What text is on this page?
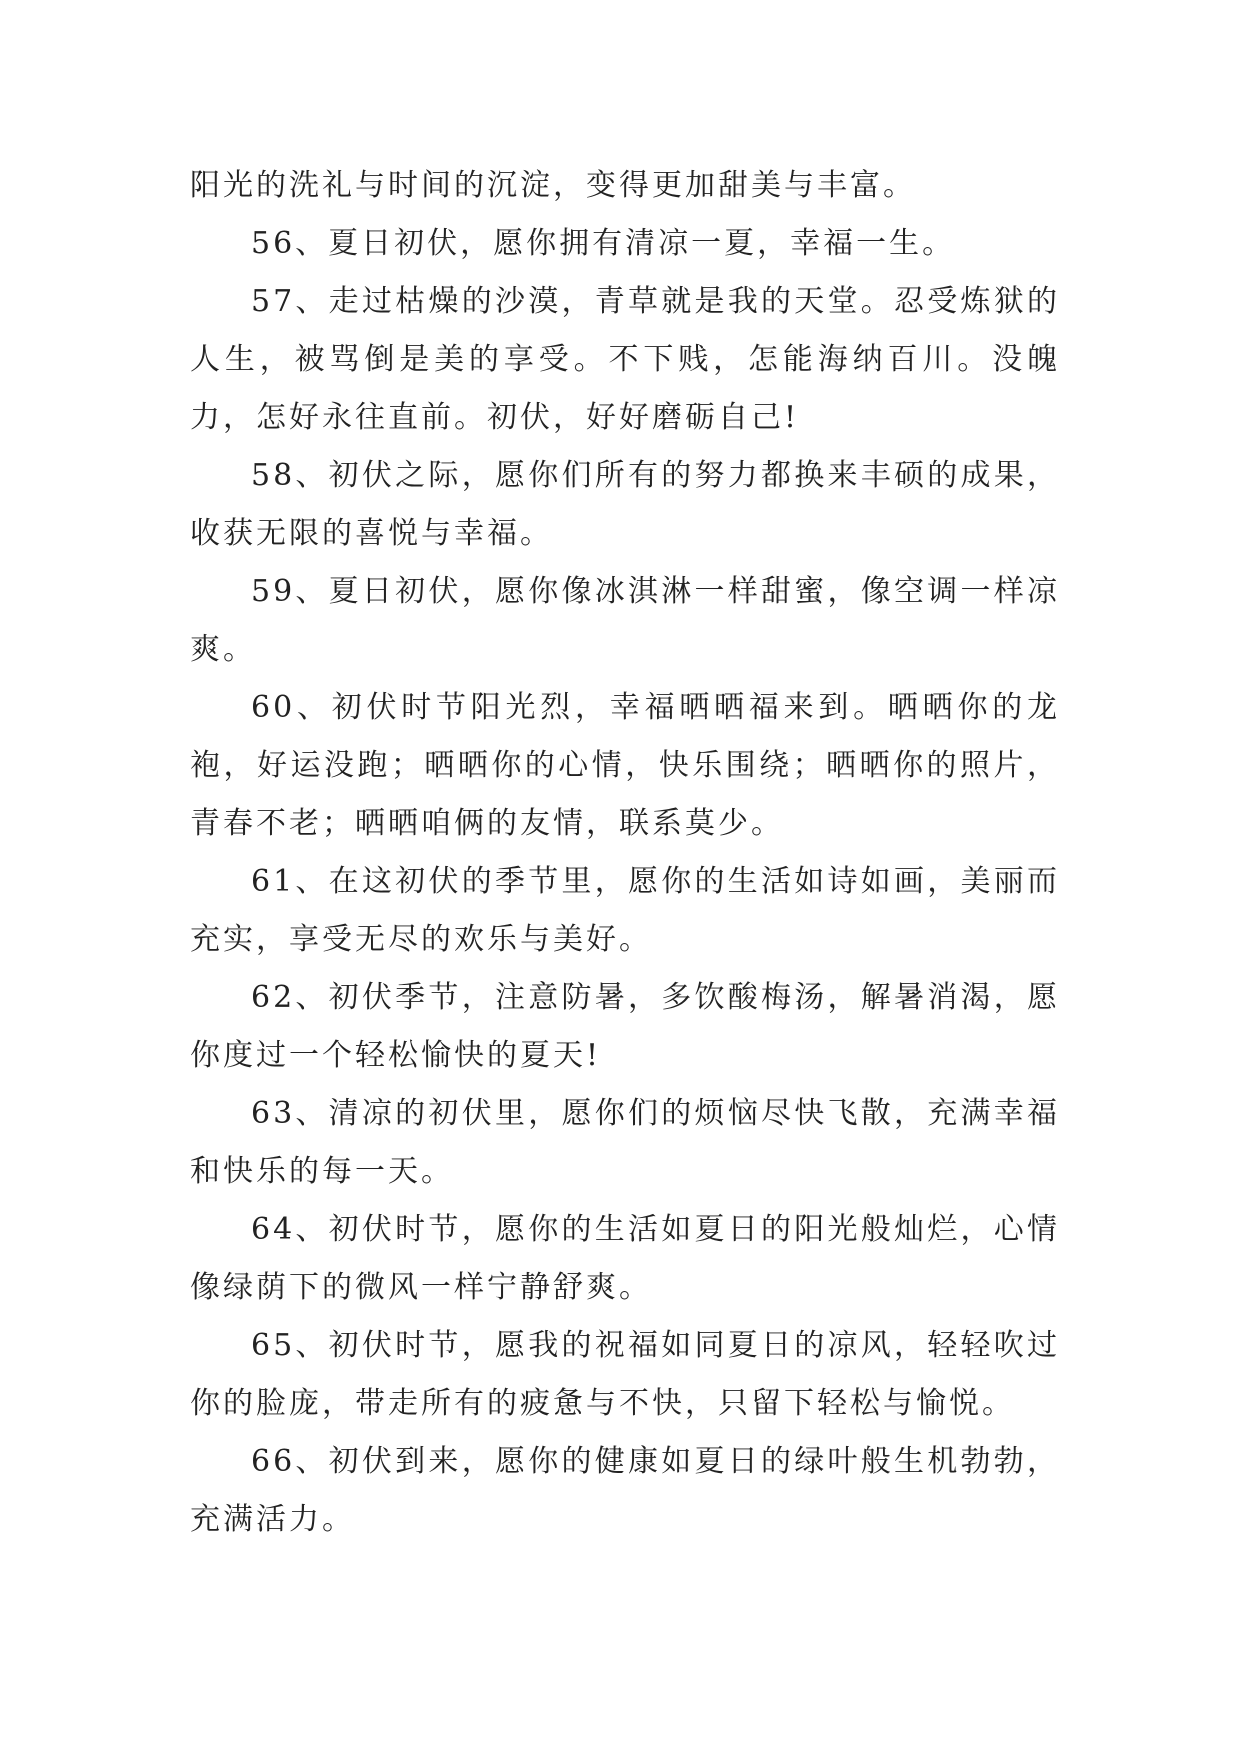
阳光的洗礼与时间的沉淀，变得更加甜美与丰富。

56、夏日初伏，愿你拥有清凉一夏，幸福一生。

57、走过枯燥的沙漠，青草就是我的天堂。忍受炼狱的人生，被骂倒是美的享受。不下贱，怎能海纳百川。没魄力，怎好永往直前。初伏，好好磨砺自己!

58、初伏之际，愿你们所有的努力都换来丰硕的成果，收获无限的喜悦与幸福。

59、夏日初伏，愿你像冰淇淋一样甜蜜，像空调一样凉爽。

60、初伏时节阳光烈，幸福晒晒福来到。晒晒你的龙袍，好运没跑；晒晒你的心情，快乐围绕；晒晒你的照片，青春不老；晒晒咱俩的友情，联系莫少。

61、在这初伏的季节里，愿你的生活如诗如画，美丽而充实，享受无尽的欢乐与美好。

62、初伏季节，注意防暑，多饮酸梅汤，解暑消渴，愿你度过一个轻松愉快的夏天!

63、清凉的初伏里，愿你们的烦恼尽快飞散，充满幸福和快乐的每一天。

64、初伏时节，愿你的生活如夏日的阳光般灿烂，心情像绿荫下的微风一样宁静舒爽。

65、初伏时节，愿我的祝福如同夏日的凉风，轻轻吹过你的脸庞，带走所有的疲惫与不快，只留下轻松与愉悦。

66、初伏到来，愿你的健康如夏日的绿叶般生机勃勃，充满活力。
